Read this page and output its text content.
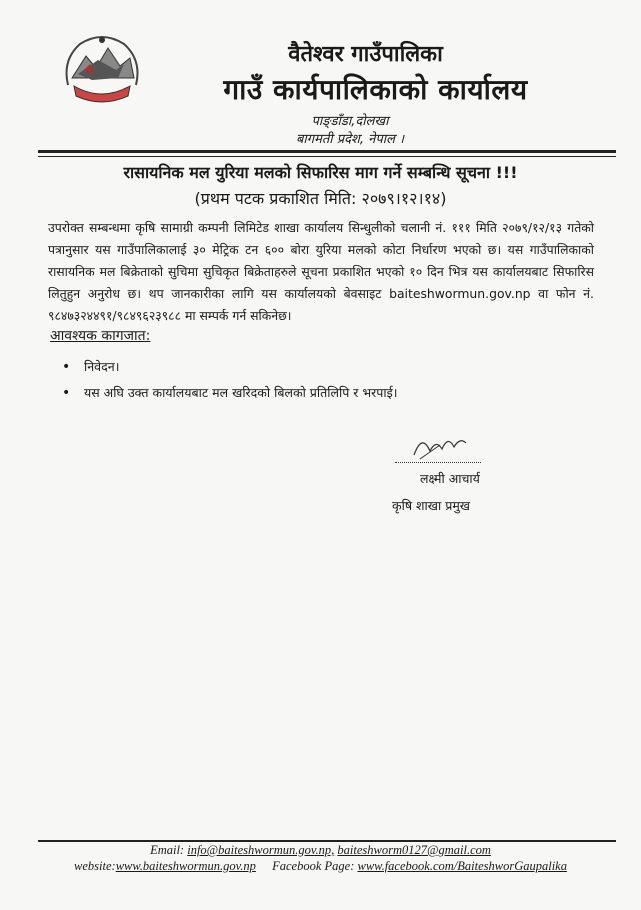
वैतेश्वर गाउँपालिका
गाउँ कार्यपालिकाको कार्यालय
पाङ्डाँडा,दोलखा
बागमती प्रदेश, नेपाल ।
रासायनिक मल युरिया मलको सिफारिस माग गर्ने सम्बन्धि सूचना !!!
(प्रथम पटक प्रकाशित मिति: २०७९।१२।१४)
उपरोक्त सम्बन्धमा कृषि सामाग्री कम्पनी लिमिटेड शाखा कार्यालय सिन्धुलीको चलानी नं. १११ मिति २०७९/१२/१३ गतेको पत्रानुसार यस गाउँपालिकालाई ३० मेट्रिक टन ६०० बोरा युरिया मलको कोटा निर्धारण भएको छ। यस गाउँपालिकाको रासायनिक मल बिक्रेताको सुचिमा सुचिकृत बिक्रेताहरुले सूचना प्रकाशित भएको १० दिन भित्र यस कार्यालयबाट सिफारिस लितुहुन अनुरोध छ। थप जानकारीका लागि यस कार्यालयको बेवसाइट baiteshwormun.gov.np वा फोन नं. ९८४७३२४४९१/९८४९६२३९८८ मा सम्पर्क गर्न सकिनेछ।
आवश्यक कागजात:
• निवेदन।
• यस अघि उक्त कार्यालयबाट मल खरिदको बिलको प्रतिलिपि र भरपाई।
लक्ष्मी आचार्य
कृषि शाखा प्रमुख
Email: info@baiteshwormun.gov.np, baiteshworm0127@gmail.com
website:www.baiteshwormun.gov.np Facebook Page: www.facebook.com/BaiteshworGaupalika
